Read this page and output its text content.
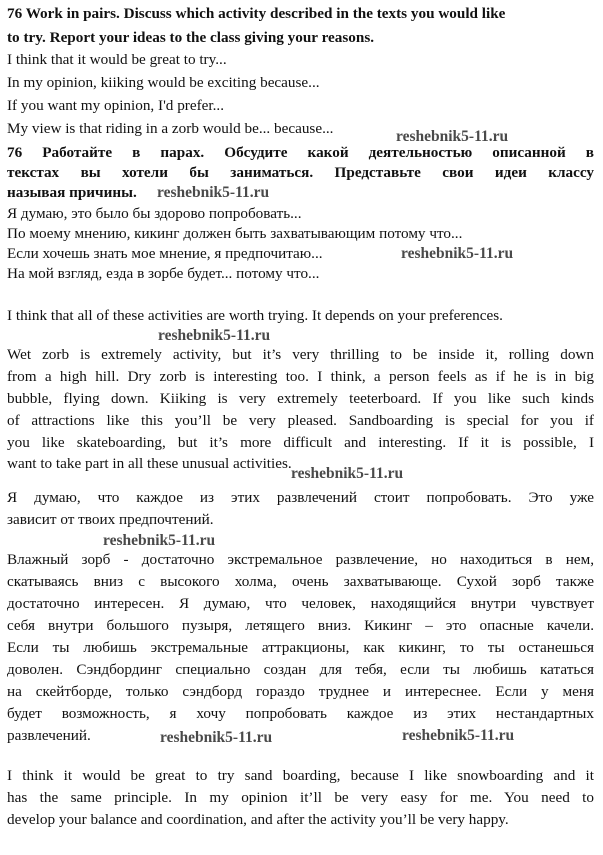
76 Work in pairs. Discuss which activity described in the texts you would like
to try. Report your ideas to the class giving your reasons.
I think that it would be great to try...
In my opinion, kiiking would be exciting because...
If you want my opinion, I'd prefer...
My view is that riding in a zorb would be... because...
76 Работайте в парах. Обсудите какой деятельностью описанной в
текстах вы хотели бы заниматься. Представьте свои идеи классу
называя причины.
Я думаю, это было бы здорово попробовать...
По моему мнению, кикинг должен быть захватывающим потому что...
Если хочешь знать мое мнение, я предпочитаю...
На мой взгляд, езда в зорбе будет... потому что...
I think that all of these activities are worth trying. It depends on your preferences.
Wet zorb is extremely activity, but it’s very thrilling to be inside it, rolling down
from a high hill. Dry zorb is interesting too. I think, a person feels as if he is in big
bubble, flying down. Kiiking is very extremely teeterboard. If you like such kinds
of attractions like this you’ll be very pleased. Sandboarding is special for you if
you like skateboarding, but it’s more difficult and interesting. If it is possible, I
want to take part in all these unusual activities.
Я думаю, что каждое из этих развлечений стоит попробовать. Это уже
зависит от твоих предпочтений.
Влажный зорб - достаточно экстремальное развлечение, но находиться в нем,
скатываясь вниз с высокого холма, очень захватывающе. Сухой зорб также
достаточно интересен. Я думаю, что человек, находящийся внутри чувствует
себя внутри большого пузыря, летящего вниз. Кикинг – это опасные качели.
Если ты любишь экстремальные аттракционы, как кикинг, то ты останешься
доволен. Сэндбординг специально создан для тебя, если ты любишь кататься
на скейтборде, только сэндборд гораздо труднее и интереснее. Если у меня
будет возможность, я хочу попробовать каждое из этих нестандартных
развлечений.
I think it would be great to try sand boarding, because I like snowboarding and it
has the same principle. In my opinion it’ll be very easy for me. You need to
develop your balance and coordination, and after the activity you’ll be very happy.
reshebnik5-11.ru
reshebnik5-11.ru
reshebnik5-11.ru
reshebnik5-11.ru
reshebnik5-11.ru
reshebnik5-11.ru
reshebnik5-11.ru	reshebnik5-11.ru
